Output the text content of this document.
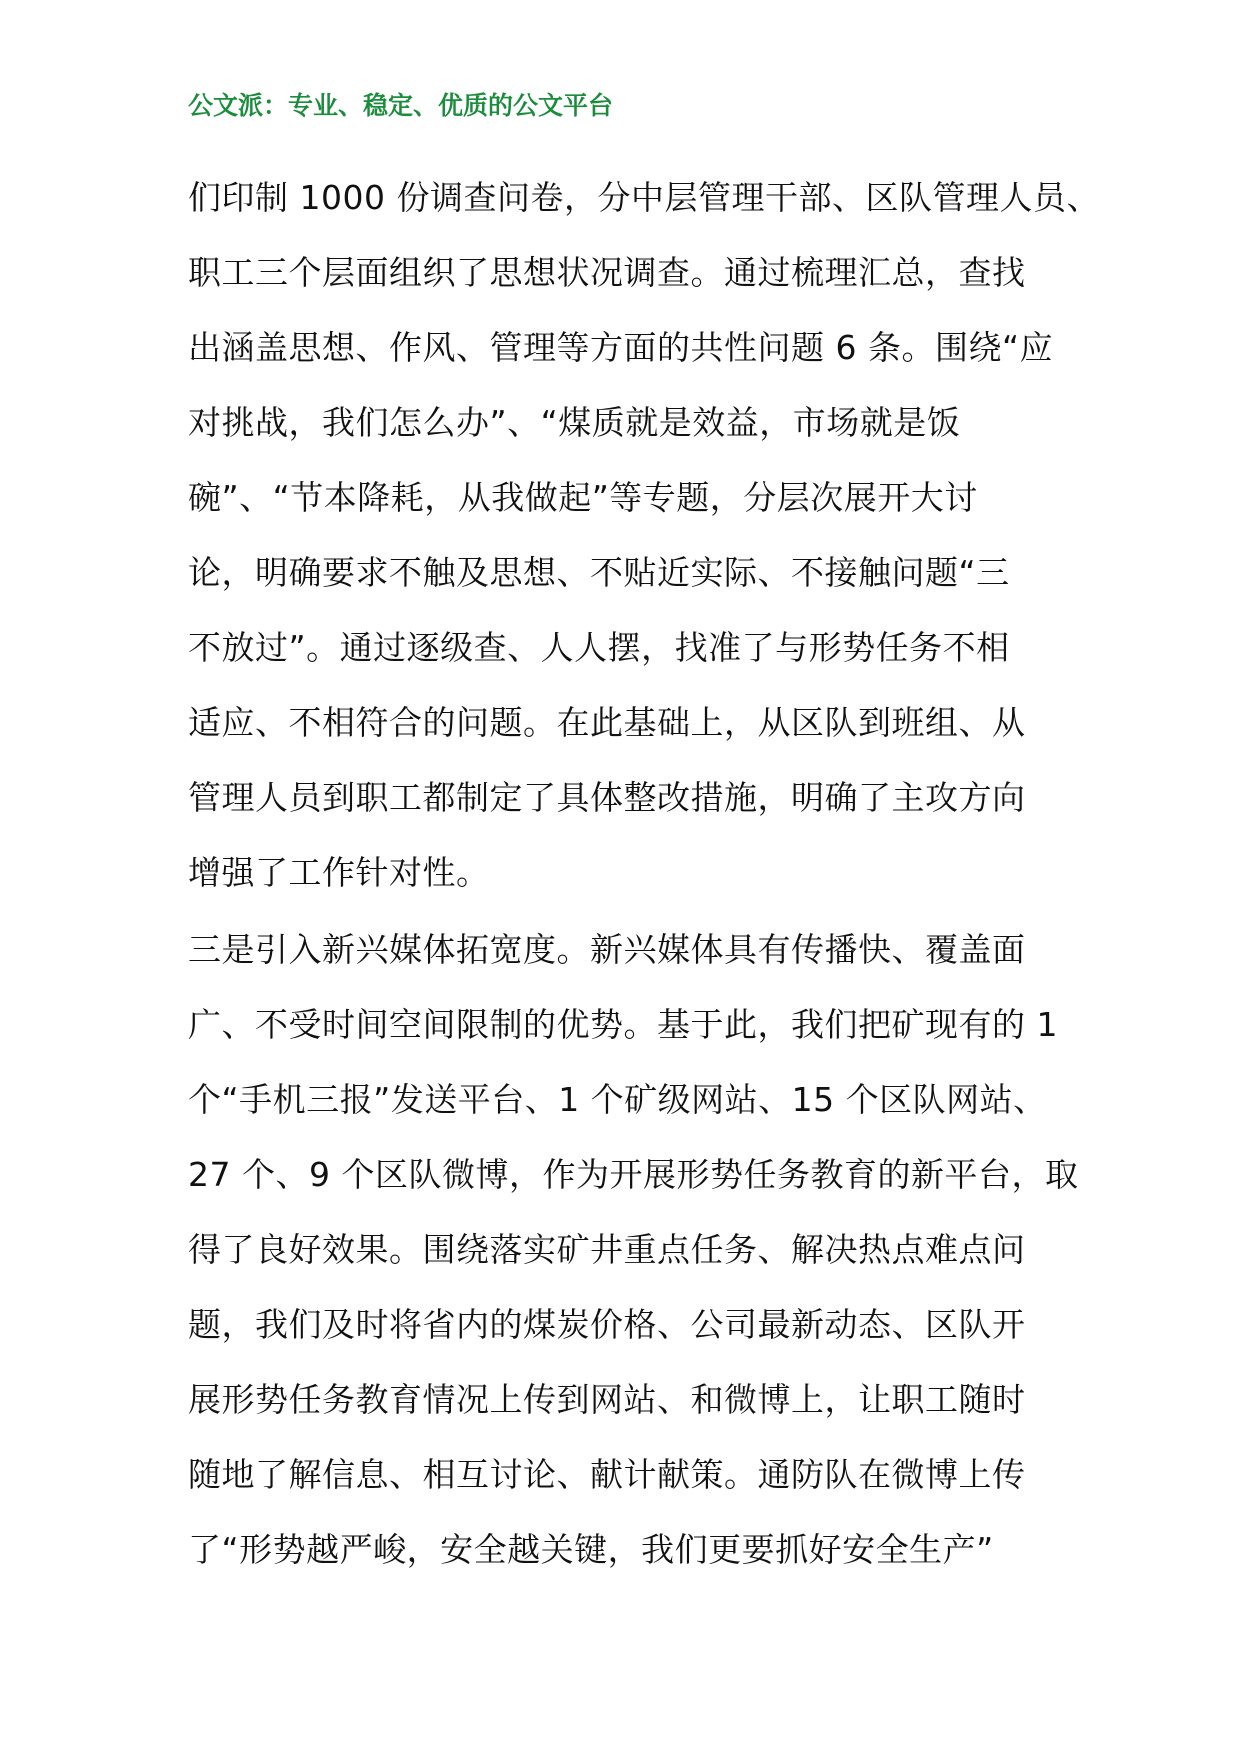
公文派：专业、稳定、优质的公文平台
们印制 1000 份调查问卷，分中层管理干部、区队管理人员、
职工三个层面组织了思想状况调查。通过梳理汇总，查找
出涵盖思想、作风、管理等方面的共性问题 6 条。围绕“应
对挑战，我们怎么办”、“煤质就是效益，市场就是饭
碗”、“节本降耗，从我做起”等专题，分层次展开大讨
论，明确要求不触及思想、不贴近实际、不接触问题“三
不放过”。通过逐级查、人人摆，找准了与形势任务不相
适应、不相符合的问题。在此基础上，从区队到班组、从
管理人员到职工都制定了具体整改措施，明确了主攻方向
增强了工作针对性。
三是引入新兴媒体拓宽度。新兴媒体具有传播快、覆盖面
广、不受时间空间限制的优势。基于此，我们把矿现有的 1
个“手机三报”发送平台、1 个矿级网站、15 个区队网站、
27 个、9 个区队微博，作为开展形势任务教育的新平台，取
得了良好效果。围绕落实矿井重点任务、解决热点难点问
题，我们及时将省内的煤炭价格、公司最新动态、区队开
展形势任务教育情况上传到网站、和微博上，让职工随时
随地了解信息、相互讨论、献计献策。通防队在微博上传
了“形势越严峻，安全越关键，我们更要抓好安全生产”
